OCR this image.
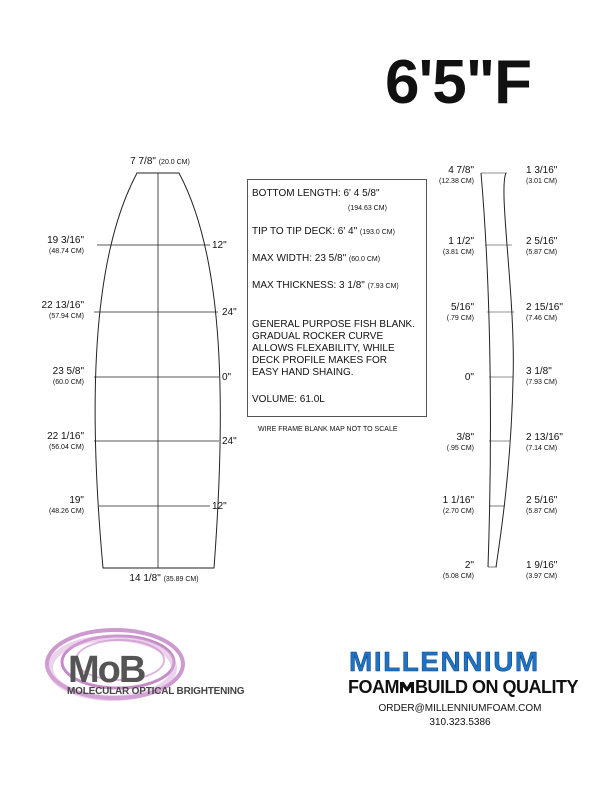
6'5"F
7 7/8" (20.0 CM)
14 1/8" (35.89 CM)
19 3/16"
(48.74 CM)
22 13/16"
(57.94 CM)
23 5/8"
(60.0 CM)
22 1/16"
(56.04 CM)
19"
(48.26 CM)
12"
24"
0"
24"
12"
BOTTOM LENGTH: 6' 4 5/8"
(194.63 CM)
TIP TO TIP DECK: 6' 4" (193.0 CM)
MAX WIDTH: 23 5/8" (60.0 CM)
MAX THICKNESS: 3 1/8" (7.93 CM)
GENERAL PURPOSE FISH BLANK.
GRADUAL ROCKER CURVE
ALLOWS FLEXABILITY, WHILE
DECK PROFILE MAKES FOR
EASY HAND SHAING.
VOLUME: 61.0L
WIRE FRAME BLANK MAP NOT TO SCALE
4 7/8"
(12.38 CM)
1 1/2"
(3.81 CM)
5/16"
(.79 CM)
0"
3/8"
(.95 CM)
1 1/16"
(2.70 CM)
2"
(5.08 CM)
1 3/16"
(3.01 CM)
2 5/16"
(5.87 CM)
2 15/16"
(7.46 CM)
3 1/8"
(7.93 CM)
2 13/16"
(7.14 CM)
2 5/16"
(5.87 CM)
1 9/16"
(3.97 CM)
MoB
MOLECULAR OPTICAL BRIGHTENING
MILLENNIUM
FOAM BUILD ON QUALITY
ORDER@MILLENNIUMFOAM.COM
310.323.5386
